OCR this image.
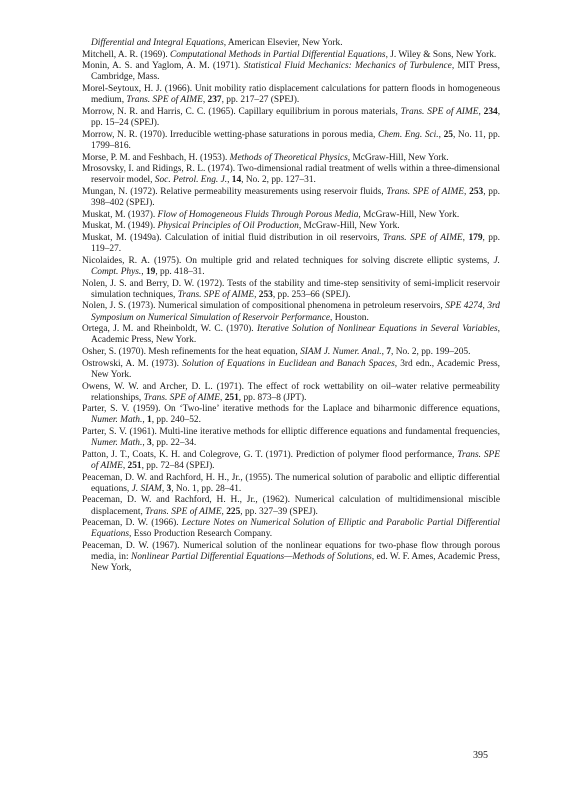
Differential and Integral Equations, American Elsevier, New York.
Mitchell, A. R. (1969). Computational Methods in Partial Differential Equations, J. Wiley & Sons, New York.
Monin, A. S. and Yaglom, A. M. (1971). Statistical Fluid Mechanics: Mechanics of Turbulence, MIT Press, Cambridge, Mass.
Morel-Seytoux, H. J. (1966). Unit mobility ratio displacement calculations for pattern floods in homogeneous medium, Trans. SPE of AIME, 237, pp. 217–27 (SPEJ).
Morrow, N. R. and Harris, C. C. (1965). Capillary equilibrium in porous materials, Trans. SPE of AIME, 234, pp. 15–24 (SPEJ).
Morrow, N. R. (1970). Irreducible wetting-phase saturations in porous media, Chem. Eng. Sci., 25, No. 11, pp. 1799–816.
Morse, P. M. and Feshbach, H. (1953). Methods of Theoretical Physics, McGraw-Hill, New York.
Mrosovsky, I. and Ridings, R. L. (1974). Two-dimensional radial treatment of wells within a three-dimensional reservoir model, Soc. Petrol. Eng. J., 14, No. 2, pp. 127–31.
Mungan, N. (1972). Relative permeability measurements using reservoir fluids, Trans. SPE of AIME, 253, pp. 398–402 (SPEJ).
Muskat, M. (1937). Flow of Homogeneous Fluids Through Porous Media, McGraw-Hill, New York.
Muskat, M. (1949). Physical Principles of Oil Production, McGraw-Hill, New York.
Muskat, M. (1949a). Calculation of initial fluid distribution in oil reservoirs, Trans. SPE of AIME, 179, pp. 119–27.
Nicolaides, R. A. (1975). On multiple grid and related techniques for solving discrete elliptic systems, J. Compt. Phys., 19, pp. 418–31.
Nolen, J. S. and Berry, D. W. (1972). Tests of the stability and time-step sensitivity of semi-implicit reservoir simulation techniques, Trans. SPE of AIME, 253, pp. 253–66 (SPEJ).
Nolen, J. S. (1973). Numerical simulation of compositional phenomena in petroleum reservoirs, SPE 4274, 3rd Symposium on Numerical Simulation of Reservoir Performance, Houston.
Ortega, J. M. and Rheinboldt, W. C. (1970). Iterative Solution of Nonlinear Equations in Several Variables, Academic Press, New York.
Osher, S. (1970). Mesh refinements for the heat equation, SIAM J. Numer. Anal., 7, No. 2, pp. 199–205.
Ostrowski, A. M. (1973). Solution of Equations in Euclidean and Banach Spaces, 3rd edn., Academic Press, New York.
Owens, W. W. and Archer, D. L. (1971). The effect of rock wettability on oil–water relative permeability relationships, Trans. SPE of AIME, 251, pp. 873–8 (JPT).
Parter, S. V. (1959). On ‘Two-line’ iterative methods for the Laplace and biharmonic difference equations, Numer. Math., 1, pp. 240–52.
Parter, S. V. (1961). Multi-line iterative methods for elliptic difference equations and fundamental frequencies, Numer. Math., 3, pp. 22–34.
Patton, J. T., Coats, K. H. and Colegrove, G. T. (1971). Prediction of polymer flood performance, Trans. SPE of AIME, 251, pp. 72–84 (SPEJ).
Peaceman, D. W. and Rachford, H. H., Jr., (1955). The numerical solution of parabolic and elliptic differential equations, J. SIAM, 3, No. 1, pp. 28–41.
Peaceman, D. W. and Rachford, H. H., Jr., (1962). Numerical calculation of multidimensional miscible displacement, Trans. SPE of AIME, 225, pp. 327–39 (SPEJ).
Peaceman, D. W. (1966). Lecture Notes on Numerical Solution of Elliptic and Parabolic Partial Differential Equations, Esso Production Research Company.
Peaceman, D. W. (1967). Numerical solution of the nonlinear equations for two-phase flow through porous media, in: Nonlinear Partial Differential Equations—Methods of Solutions, ed. W. F. Ames, Academic Press, New York,
395
